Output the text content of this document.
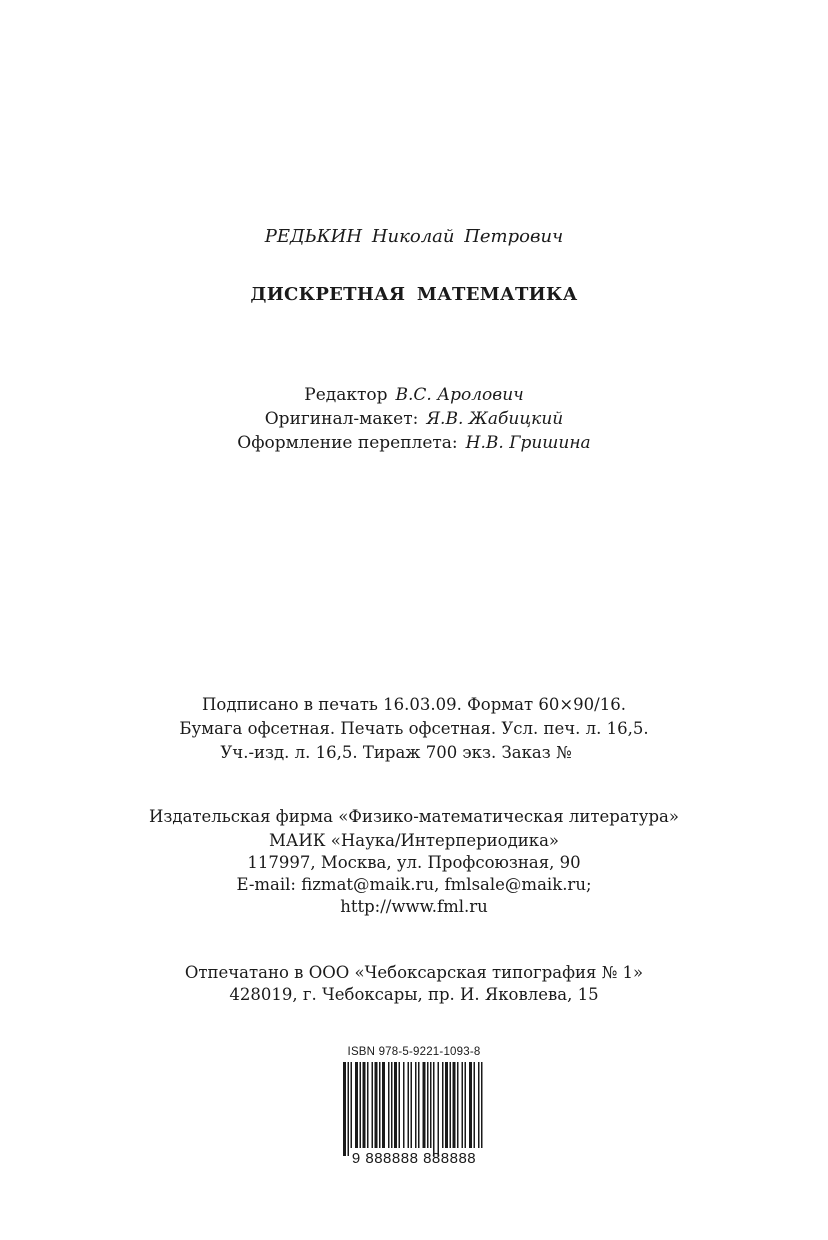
РЕДЬКИН Николай Петрович
ДИСКРЕТНАЯ МАТЕМАТИКА
Редактор В.С. Аролович
Оригинал-макет: Я.В. Жабицкий
Оформление переплета: Н.В. Гришина
Подписано в печать 16.03.09. Формат 60×90/16.
Бумага офсетная. Печать офсетная. Усл. печ. л. 16,5.
Уч.-изд. л. 16,5. Тираж 700 экз. Заказ №
Издательская фирма «Физико-математическая литература»
МАИК «Наука/Интерпериодика»
117997, Москва, ул. Профсоюзная, 90
E-mail: fizmat@maik.ru, fmlsale@maik.ru;
http://www.fml.ru
Отпечатано в ООО «Чебоксарская типография № 1»
428019, г. Чебоксары, пр. И. Яковлева, 15
ISBN 978-5-9221-1093-8
9 888888 888888
